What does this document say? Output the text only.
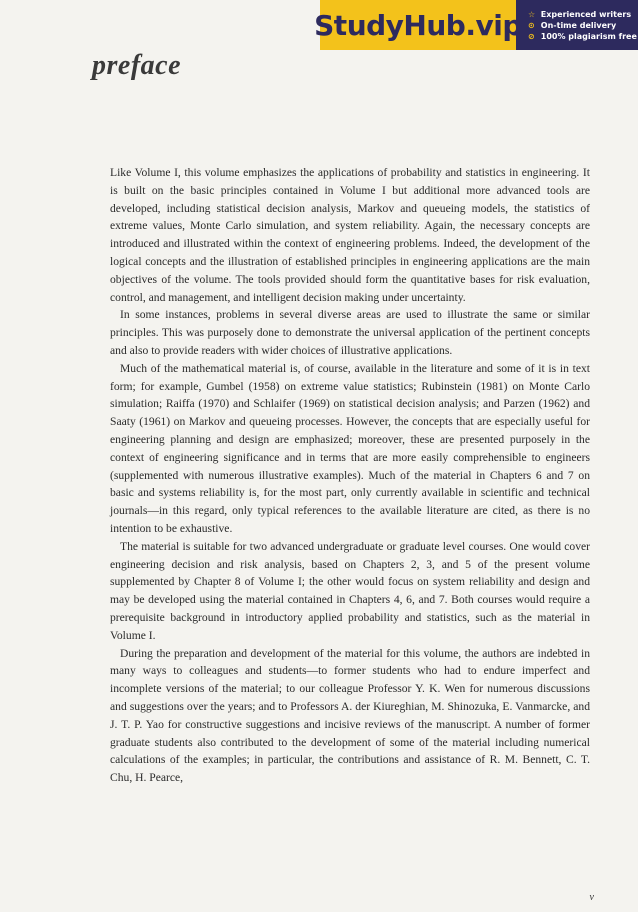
StudyHub.vip ☆ Experienced writers
⊙ On-time delivery
⊘ 100% plagiarism free
preface

Like Volume I, this volume emphasizes the applications of probability and statistics in engineering. It is built on the basic principles contained in Volume I but additional more advanced tools are developed, including statistical decision analysis, Markov and queueing models, the statistics of extreme values, Monte Carlo simulation, and system reliability. Again, the necessary concepts are introduced and illustrated within the context of engineering problems. Indeed, the development of the logical concepts and the illustration of established principles in engineering applications are the main objectives of the volume. The tools provided should form the quantitative bases for risk evaluation, control, and management, and intelligent decision making under uncertainty.

In some instances, problems in several diverse areas are used to illustrate the same or similar principles. This was purposely done to demonstrate the universal application of the pertinent concepts and also to provide readers with wider choices of illustrative applications.

Much of the mathematical material is, of course, available in the literature and some of it is in text form; for example, Gumbel (1958) on extreme value statistics; Rubinstein (1981) on Monte Carlo simulation; Raiffa (1970) and Schlaifer (1969) on statistical decision analysis; and Parzen (1962) and Saaty (1961) on Markov and queueing processes. However, the concepts that are especially useful for engineering planning and design are emphasized; moreover, these are presented purposely in the context of engineering significance and in terms that are more easily comprehensible to engineers (supplemented with numerous illustrative examples). Much of the material in Chapters 6 and 7 on basic and systems reliability is, for the most part, only currently available in scientific and technical journals—in this regard, only typical references to the available literature are cited, as there is no intention to be exhaustive.

The material is suitable for two advanced undergraduate or graduate level courses. One would cover engineering decision and risk analysis, based on Chapters 2, 3, and 5 of the present volume supplemented by Chapter 8 of Volume I; the other would focus on system reliability and design and may be developed using the material contained in Chapters 4, 6, and 7. Both courses would require a prerequisite background in introductory applied probability and statistics, such as the material in Volume I.

During the preparation and development of the material for this volume, the authors are indebted in many ways to colleagues and students—to former students who had to endure imperfect and incomplete versions of the material; to our colleague Professor Y. K. Wen for numerous discussions and suggestions over the years; and to Professors A. der Kiureghian, M. Shinozuka, E. Vanmarcke, and J. T. P. Yao for constructive suggestions and incisive reviews of the manuscript. A number of former graduate students also contributed to the development of some of the material including numerical calculations of the examples; in particular, the contributions and assistance of R. M. Bennett, C. T. Chu, H. Pearce,

v
